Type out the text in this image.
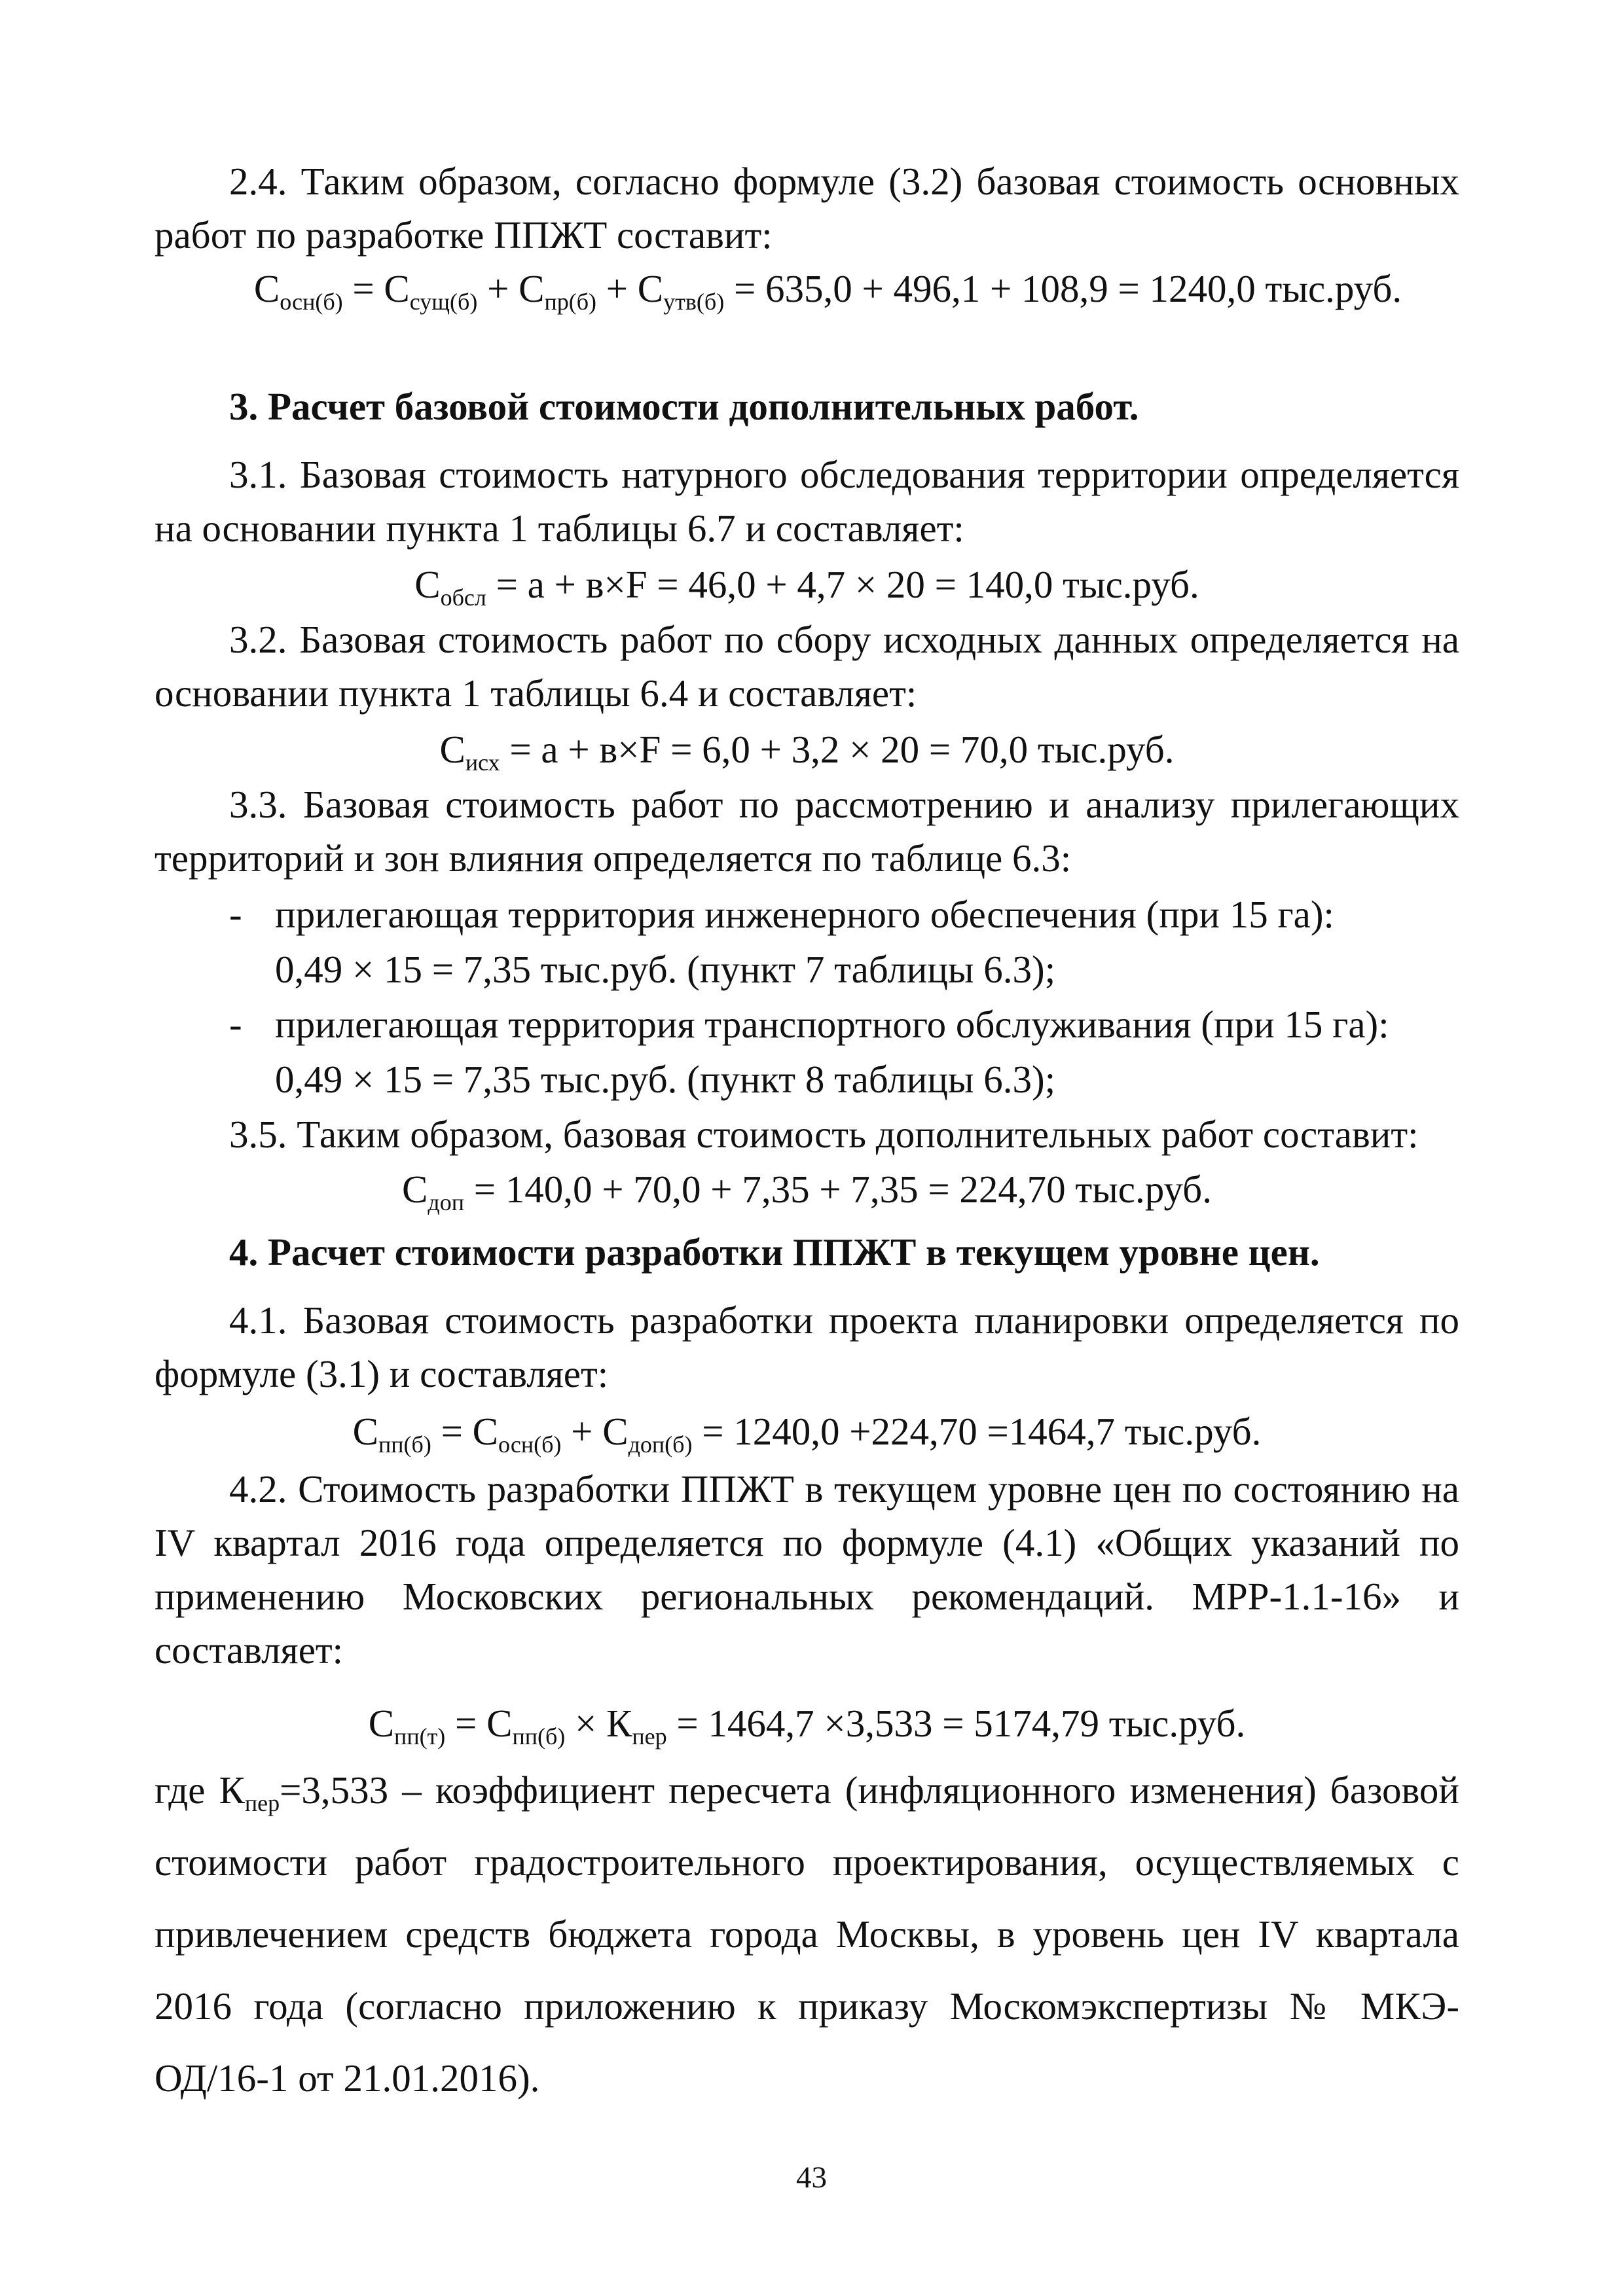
2.4. Таким образом, согласно формуле (3.2) базовая стоимость основных работ по разработке ППЖТ составит:
$С_{осн(б)} = С_{сущ(б)} + С_{пр(б)} + С_{утв(б)} = 635,0 + 496,1 + 108,9 = 1240,0$ тыс.руб.
3. Расчет базовой стоимости дополнительных работ.
3.1. Базовая стоимость натурного обследования территории определяется на основании пункта 1 таблицы 6.7 и составляет:
$С_{обсл} = а + в\times F = 46,0 + 4,7 \times 20 = 140,0$ тыс.руб.
3.2. Базовая стоимость работ по сбору исходных данных определяется на основании пункта 1 таблицы 6.4 и составляет:
$С_{исх} = а + в\times F = 6,0 + 3,2 \times 20 = 70,0$ тыс.руб.
3.3. Базовая стоимость работ по рассмотрению и анализу прилегающих территорий и зон влияния определяется по таблице 6.3:
- прилегающая территория инженерного обеспечения (при 15 га):
0,49 × 15 = 7,35 тыс.руб. (пункт 7 таблицы 6.3);
- прилегающая территория транспортного обслуживания (при 15 га):
0,49 × 15 = 7,35 тыс.руб. (пункт 8 таблицы 6.3);
3.5. Таким образом, базовая стоимость дополнительных работ составит:
$С_{доп} = 140,0 + 70,0 + 7,35 + 7,35 = 224,70$ тыс.руб.
4. Расчет стоимости разработки ППЖТ в текущем уровне цен.
4.1. Базовая стоимость разработки проекта планировки определяется по формуле (3.1) и составляет:
$С_{пп(б)} = С_{осн(б)} + С_{доп(б)} = 1240,0 +224,70 =1464,7$ тыс.руб.
4.2. Стоимость разработки ППЖТ в текущем уровне цен по состоянию на IV квартал 2016 года определяется по формуле (4.1) «Общих указаний по применению Московских региональных рекомендаций. МРР-1.1-16» и составляет:
$С_{пп(т)} = С_{пп(б)} \times К_{пер} = 1464,7 \times 3,533 = 5174,79$ тыс.руб.
где $К_{пер}=3,533$ – коэффициент пересчета (инфляционного изменения) базовой стоимости работ градостроительного проектирования, осуществляемых с привлечением средств бюджета города Москвы, в уровень цен IV квартала 2016 года (согласно приложению к приказу Москомэкспертизы № МКЭ-ОД/16-1 от 21.01.2016).
43
